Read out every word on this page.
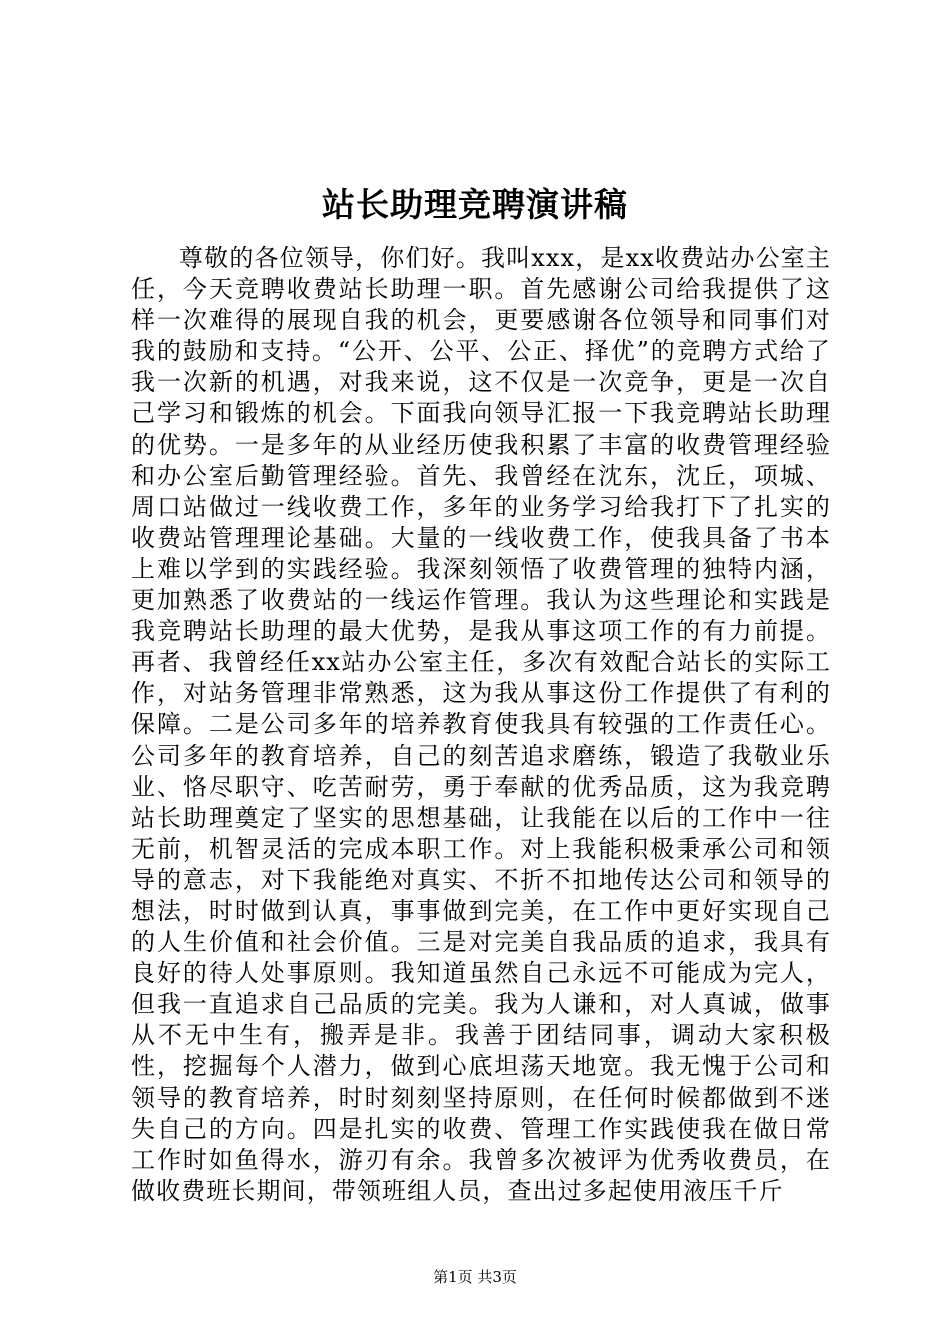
站长助理竞聘演讲稿

尊敬的各位领导，你们好。我叫xxx，是xx收费站办公室主任，今天竞聘收费站长助理一职。首先感谢公司给我提供了这样一次难得的展现自我的机会，更要感谢各位领导和同事们对我的鼓励和支持。“公开、公平、公正、择优”的竞聘方式给了我一次新的机遇，对我来说，这不仅是一次竞争，更是一次自己学习和锻炼的机会。下面我向领导汇报一下我竞聘站长助理的优势。一是多年的从业经历使我积累了丰富的收费管理经验和办公室后勤管理经验。首先、我曾经在沈东，沈丘，项城、周口站做过一线收费工作，多年的业务学习给我打下了扎实的收费站管理理论基础。大量的一线收费工作，使我具备了书本上难以学到的实践经验。我深刻领悟了收费管理的独特内涵，更加熟悉了收费站的一线运作管理。我认为这些理论和实践是我竞聘站长助理的最大优势，是我从事这项工作的有力前提。再者、我曾经任xx站办公室主任，多次有效配合站长的实际工作，对站务管理非常熟悉，这为我从事这份工作提供了有利的保障。二是公司多年的培养教育使我具有较强的工作责任心。公司多年的教育培养，自己的刻苦追求磨练，锻造了我敬业乐业、恪尽职守、吃苦耐劳，勇于奉献的优秀品质，这为我竞聘站长助理奠定了坚实的思想基础，让我能在以后的工作中一往无前，机智灵活的完成本职工作。对上我能积极秉承公司和领导的意志，对下我能绝对真实、不折不扣地传达公司和领导的想法，时时做到认真，事事做到完美，在工作中更好实现自己的人生价值和社会价值。三是对完美自我品质的追求，我具有良好的待人处事原则。我知道虽然自己永远不可能成为完人，但我一直追求自己品质的完美。我为人谦和，对人真诚，做事从不无中生有，搬弄是非。我善于团结同事，调动大家积极性，挖掘每个人潜力，做到心底坦荡天地宽。我无愧于公司和领导的教育培养，时时刻刻坚持原则，在任何时候都做到不迷失自己的方向。四是扎实的收费、管理工作实践使我在做日常工作时如鱼得水，游刃有余。我曾多次被评为优秀收费员，在做收费班长期间，带领班组人员，查出过多起使用液压千斤

第1页 共3页
